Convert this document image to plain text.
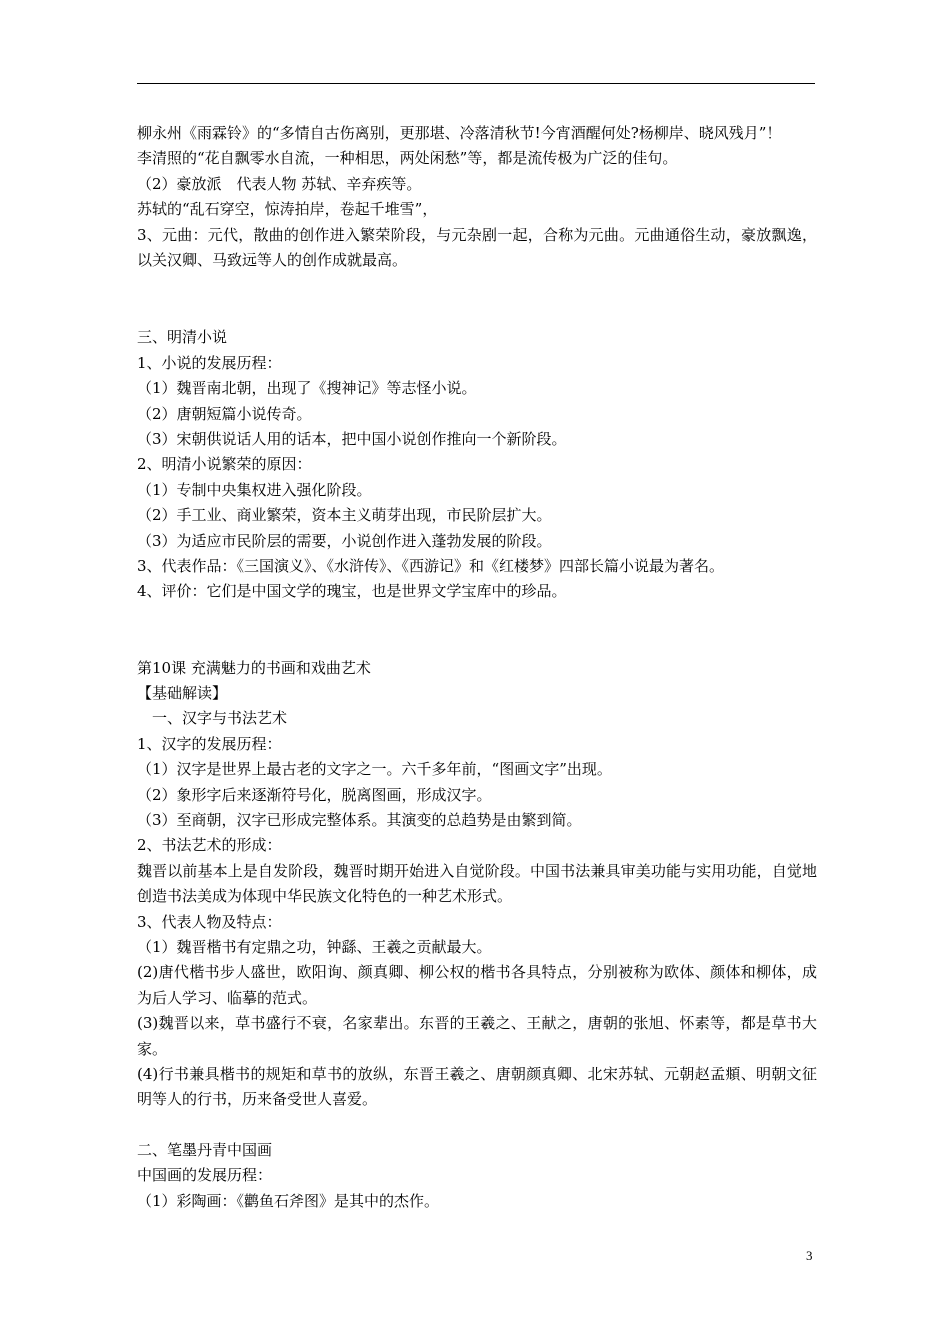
柳永州《雨霖铃》的“多情自古伤离别，更那堪、冷落清秋节!今宵酒醒何处?杨柳岸、晓风残月”！
李清照的“花自飘零水自流，一种相思，两处闲愁”等，都是流传极为广泛的佳句。
（2）豪放派　代表人物 苏轼、辛弃疾等。
苏轼的“乱石穿空，惊涛拍岸，卷起千堆雪”，
3、元曲：元代，散曲的创作进入繁荣阶段，与元杂剧一起，合称为元曲。元曲通俗生动，豪放飘逸，以关汉卿、马致远等人的创作成就最高。
三、明清小说
1、小说的发展历程：
（1）魏晋南北朝，出现了《搜神记》等志怪小说。
（2）唐朝短篇小说传奇。
（3）宋朝供说话人用的话本，把中国小说创作推向一个新阶段。
2、明清小说繁荣的原因：
（1）专制中央集权进入强化阶段。
（2）手工业、商业繁荣，资本主义萌芽出现，市民阶层扩大。
（3）为适应市民阶层的需要，小说创作进入蓬勃发展的阶段。
3、代表作品：《三国演义》、《水浒传》、《西游记》和《红楼梦》四部长篇小说最为著名。
4、评价：它们是中国文学的瑰宝，也是世界文学宝库中的珍品。
第10课 充满魅力的书画和戏曲艺术
【基础解读】
一、汉字与书法艺术
1、汉字的发展历程：
（1）汉字是世界上最古老的文字之一。六千多年前，“图画文字”出现。
（2）象形字后来逐渐符号化，脱离图画，形成汉字。
（3）至商朝，汉字已形成完整体系。其演变的总趋势是由繁到简。
2、书法艺术的形成：
魏晋以前基本上是自发阶段，魏晋时期开始进入自觉阶段。中国书法兼具审美功能与实用功能，自觉地创造书法美成为体现中华民族文化特色的一种艺术形式。
3、代表人物及特点：
（1）魏晋楷书有定鼎之功，钟繇、王羲之贡献最大。
(2)唐代楷书步人盛世，欧阳询、颜真卿、柳公权的楷书各具特点，分别被称为欧体、颜体和柳体，成为后人学习、临摹的范式。
(3)魏晋以来，草书盛行不衰，名家辈出。东晋的王羲之、王献之，唐朝的张旭、怀素等，都是草书大家。
(4)行书兼具楷书的规矩和草书的放纵，东晋王羲之、唐朝颜真卿、北宋苏轼、元朝赵孟頫、明朝文征明等人的行书，历来备受世人喜爱。
二、笔墨丹青中国画
中国画的发展历程：
（1）彩陶画：《鹳鱼石斧图》是其中的杰作。
3
